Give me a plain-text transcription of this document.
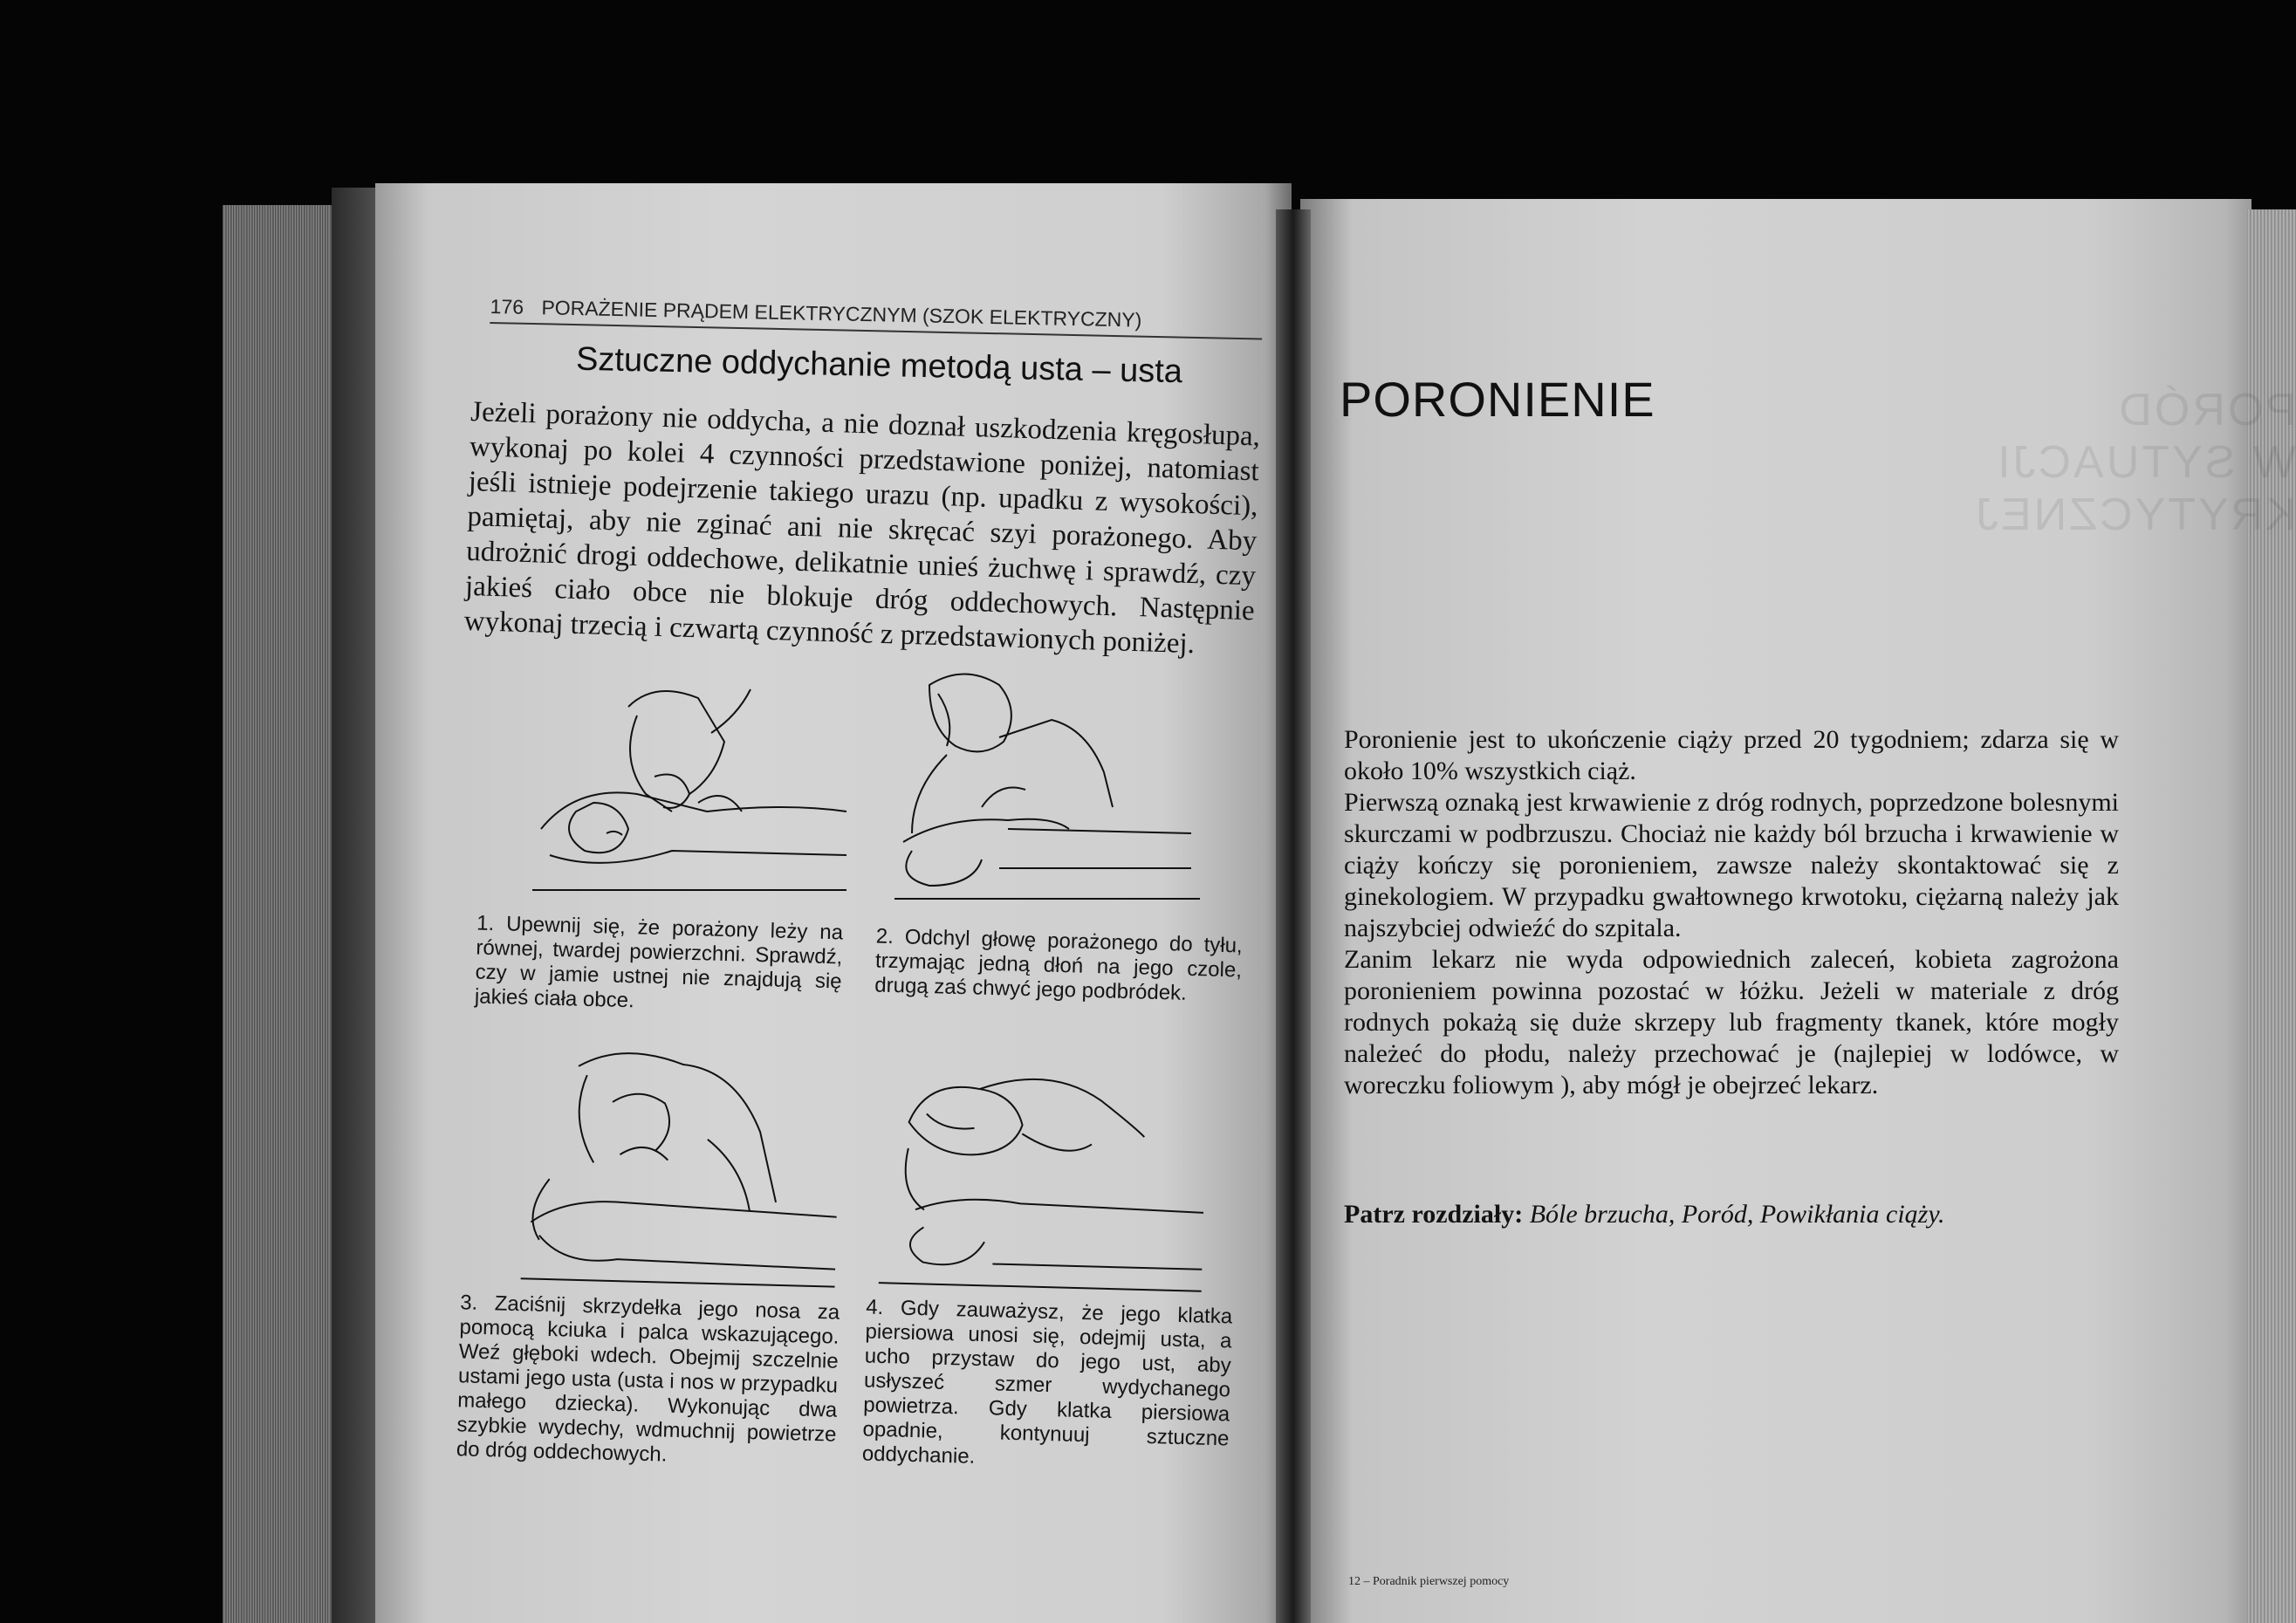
176 PORAŻENIE PRĄDEM ELEKTRYCZNYM (SZOK ELEKTRYCZNY)
Sztuczne oddychanie metodą usta – usta
Jeżeli porażony nie oddycha, a nie doznał uszkodzenia kręgosłupa, wykonaj po kolei 4 czynności przedstawione poniżej, natomiast jeśli istnieje podejrzenie takiego urazu (np. upadku z wysokości), pamiętaj, aby nie zginać ani nie skręcać szyi porażonego. Aby udrożnić drogi oddechowe, delikatnie unieś żuchwę i sprawdź, czy jakieś ciało obce nie blokuje dróg oddechowych. Następnie wykonaj trzecią i czwartą czynność z przedstawionych poniżej.
1. Upewnij się, że porażony leży na równej, twardej powierzchni. Sprawdź, czy w jamie ustnej nie znajdują się jakieś ciała obce.
2. Odchyl głowę porażonego do tyłu, trzymając jedną dłoń na jego czole, drugą zaś chwyć jego podbródek.
3. Zaciśnij skrzydełka jego nosa za pomocą kciuka i palca wskazującego. Weź głęboki wdech. Obejmij szczelnie ustami jego usta (usta i nos w przypadku małego dziecka). Wykonując dwa szybkie wydechy, wdmuchnij powietrze do dróg oddechowych.
4. Gdy zauważysz, że jego klatka piersiowa unosi się, odejmij usta, a ucho przystaw do jego ust, aby usłyszeć szmer wydychanego powietrza. Gdy klatka piersiowa opadnie, kontynuuj sztuczne oddychanie.
PORÓD
W SYTUACJI KRYTYCZNEJ
PORONIENIE

Poronienie jest to ukończenie ciąży przed 20 tygodniem; zdarza się w około 10% wszystkich ciąż.

Pierwszą oznaką jest krwawienie z dróg rodnych, poprzedzone bolesnymi skurczami w podbrzuszu. Chociaż nie każdy ból brzucha i krwawienie w ciąży kończy się poronieniem, zawsze należy skontaktować się z ginekologiem. W przypadku gwałtownego krwotoku, ciężarną należy jak najszybciej odwieźć do szpitala.

Zanim lekarz nie wyda odpowiednich zaleceń, kobieta zagrożona poronieniem powinna pozostać w łóżku. Jeżeli w materiale z dróg rodnych pokażą się duże skrzepy lub fragmenty tkanek, które mogły należeć do płodu, należy przechować je (najlepiej w lodówce, w woreczku foliowym ), aby mógł je obejrzeć lekarz.

Patrz rozdziały: Bóle brzucha, Poród, Powikłania ciąży.
12 – Poradnik pierwszej pomocy
